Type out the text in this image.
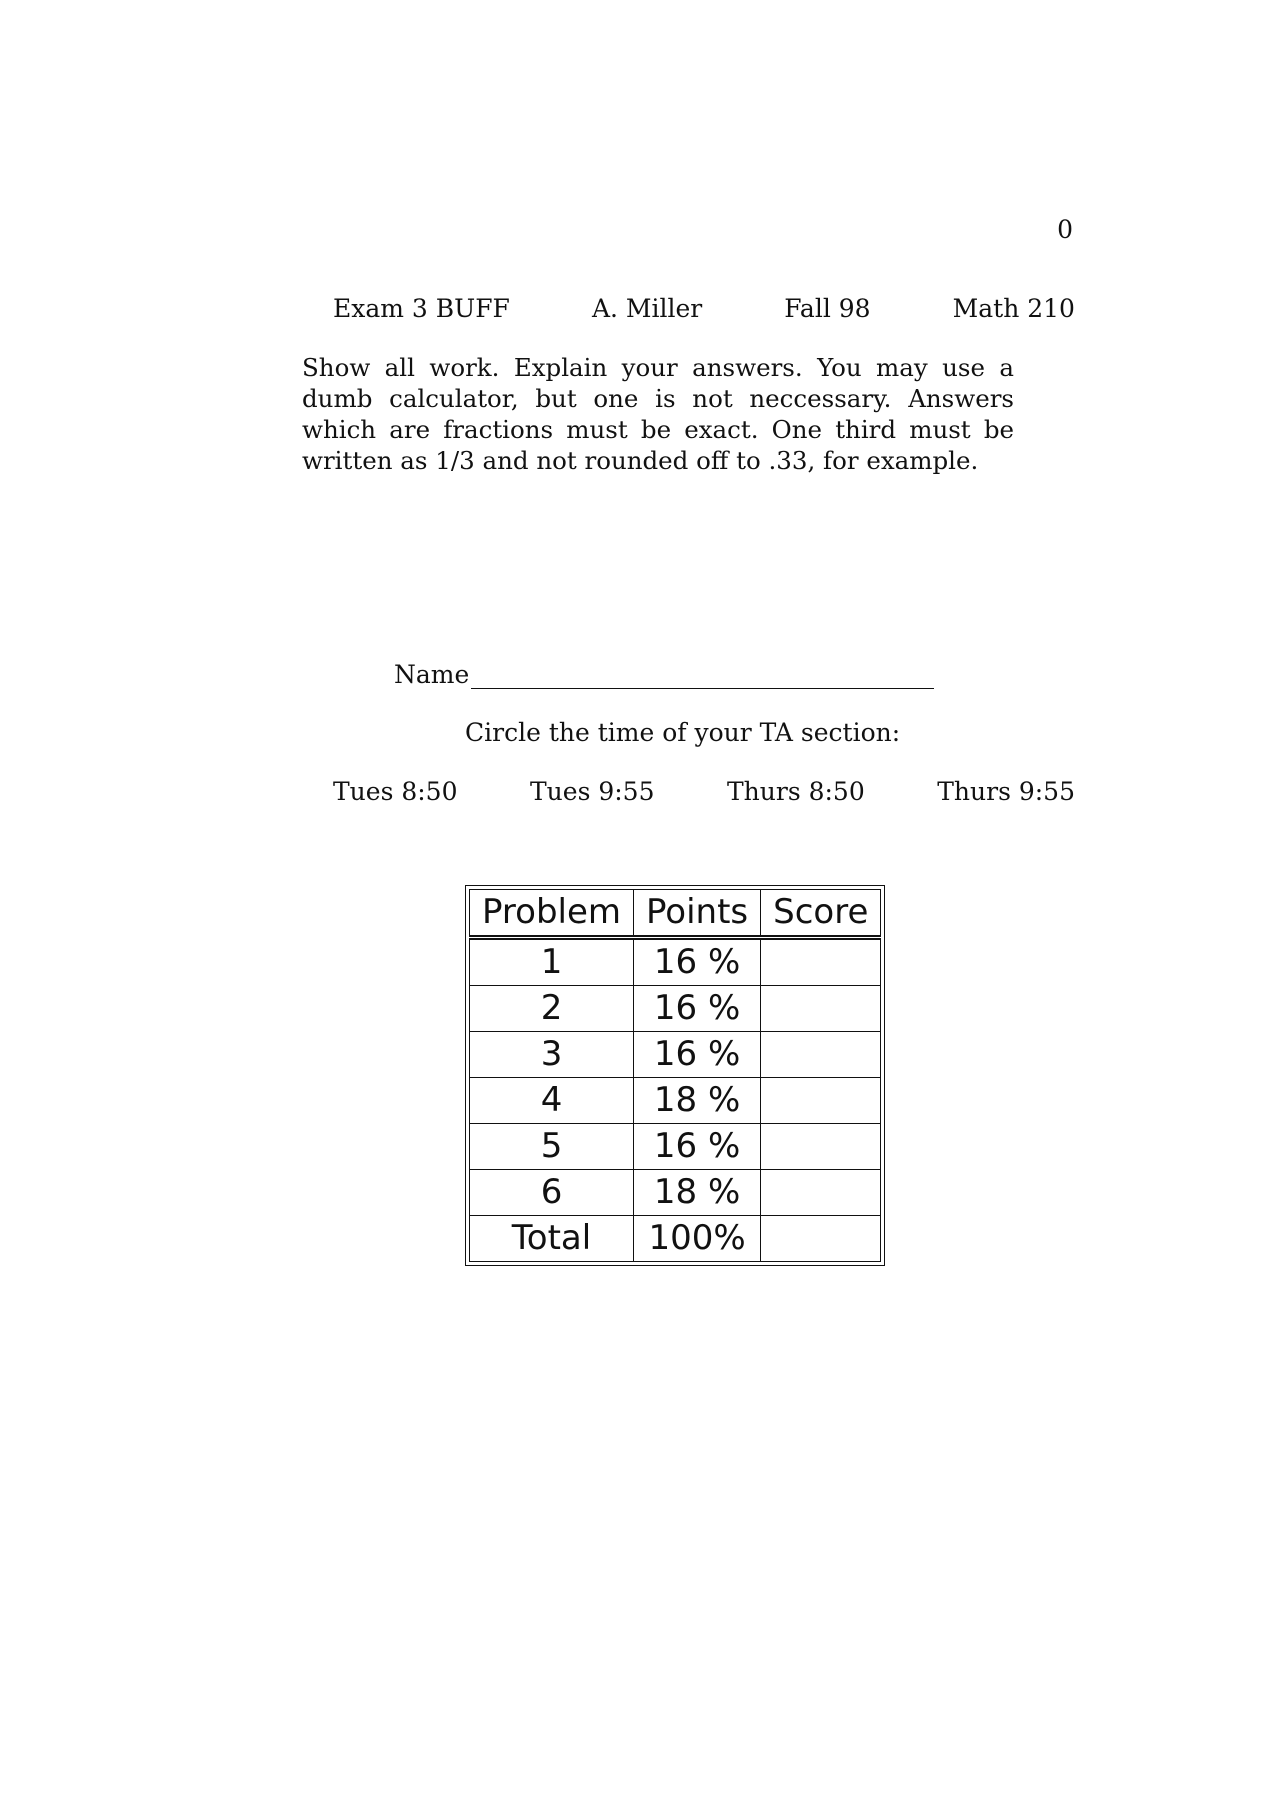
0
Exam 3 BUFF	A. Miller	Fall 98	Math 210
Show all work. Explain your answers. You may use a dumb calculator, but one is not neccessary. Answers which are fractions must be exact. One third must be written as 1/3 and not rounded off to .33, for example.
Name
Circle the time of your TA section:
Tues 8:50	Tues 9:55	Thurs 8:50	Thurs 9:55
Problem	Points	Score
1	16 %	
2	16 %	
3	16 %	
4	18 %	
5	16 %	
6	18 %	
Total	100%	
